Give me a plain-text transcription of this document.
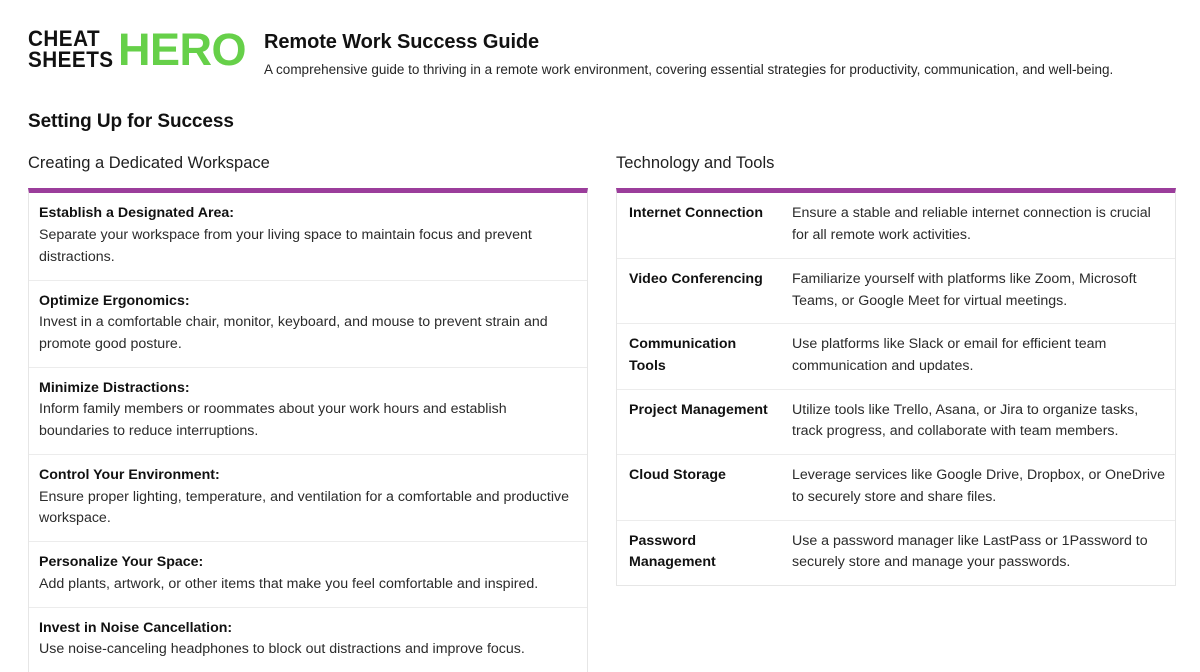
CHEAT
SHEETS HERO Remote Work Success Guide
A comprehensive guide to thriving in a remote work environment, covering essential strategies for productivity, communication, and well-being.
Setting Up for Success
Creating a Dedicated Workspace
Establish a Designated Area:
Separate your workspace from your living space to maintain focus and prevent distractions.

Optimize Ergonomics:
Invest in a comfortable chair, monitor, keyboard, and mouse to prevent strain and promote good posture.

Minimize Distractions:
Inform family members or roommates about your work hours and establish boundaries to reduce interruptions.

Control Your Environment:
Ensure proper lighting, temperature, and ventilation for a comfortable and productive workspace.

Personalize Your Space:
Add plants, artwork, or other items that make you feel comfortable and inspired.

Invest in Noise Cancellation:
Use noise-canceling headphones to block out distractions and improve focus.
Technology and Tools
Internet Connection	Ensure a stable and reliable internet connection is crucial for all remote work activities.
Video Conferencing	Familiarize yourself with platforms like Zoom, Microsoft Teams, or Google Meet for virtual meetings.
Communication Tools	Use platforms like Slack or email for efficient team communication and updates.
Project Management	Utilize tools like Trello, Asana, or Jira to organize tasks, track progress, and collaborate with team members.
Cloud Storage	Leverage services like Google Drive, Dropbox, or OneDrive to securely store and share files.
Password Management	Use a password manager like LastPass or 1Password to securely store and manage your passwords.
